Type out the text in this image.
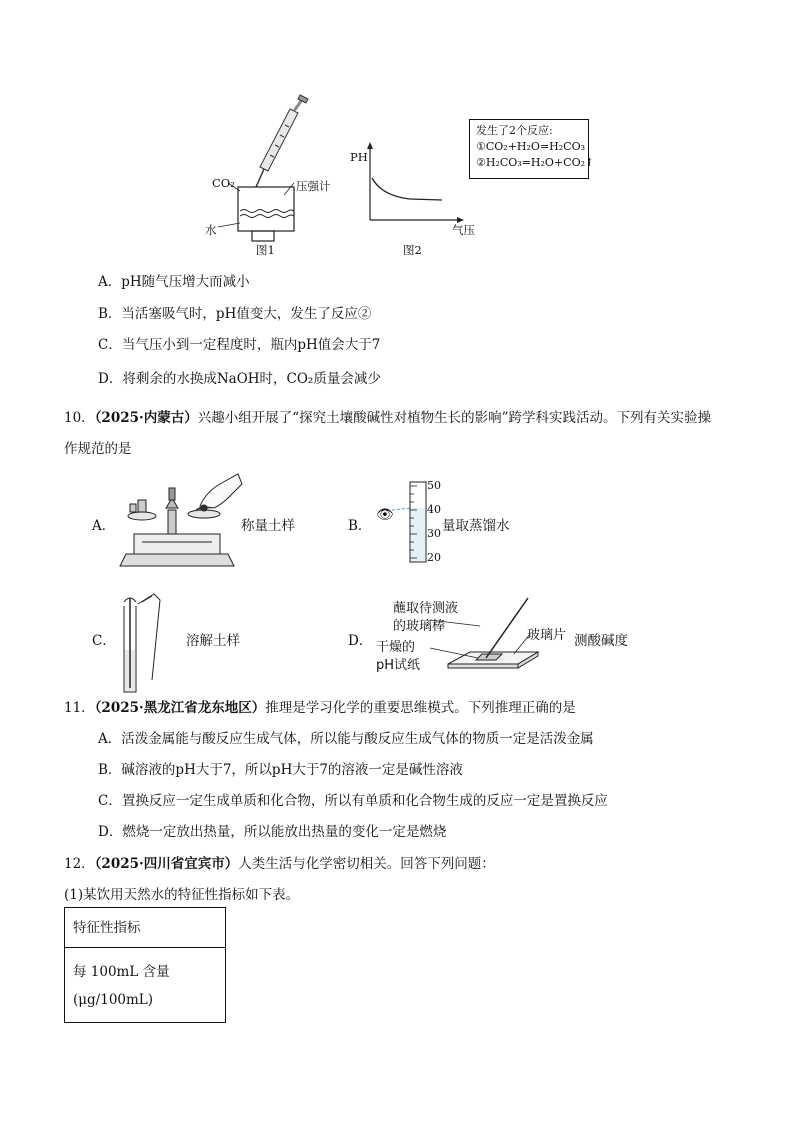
CO₂	压强计
水
图1
PH
气压
图2
发生了2个反应:
①CO₂+H₂O=H₂CO₃
②H₂CO₃=H₂O+CO₂↑
A．pH随气压增大而减小
B．当活塞吸气时，pH值变大，发生了反应②
C．当气压小到一定程度时，瓶内pH值会大于7
D．将剩余的水换成NaOH时，CO₂质量会减少
10．（2025·内蒙古）兴趣小组开展了“探究土壤酸碱性对植物生长的影响”跨学科实践活动。下列有关实验操
作规范的是
A．	称量土样	B．
👁
50
40
30
20
量取蒸馏水
C．	溶解土样	D．
蘸取待测液
的玻璃棒
玻璃片
干燥的
pH试纸
测酸碱度
11．（2025·黑龙江省龙东地区）推理是学习化学的重要思维模式。下列推理正确的是
A．活泼金属能与酸反应生成气体，所以能与酸反应生成气体的物质一定是活泼金属
B．碱溶液的pH大于7，所以pH大于7的溶液一定是碱性溶液
C．置换反应一定生成单质和化合物，所以有单质和化合物生成的反应一定是置换反应
D．燃烧一定放出热量，所以能放出热量的变化一定是燃烧
12．（2025·四川省宜宾市）人类生活与化学密切相关。回答下列问题：
(1)某饮用天然水的特征性指标如下表。
特征性指标
每 100mL 含量
(μg/100mL)
